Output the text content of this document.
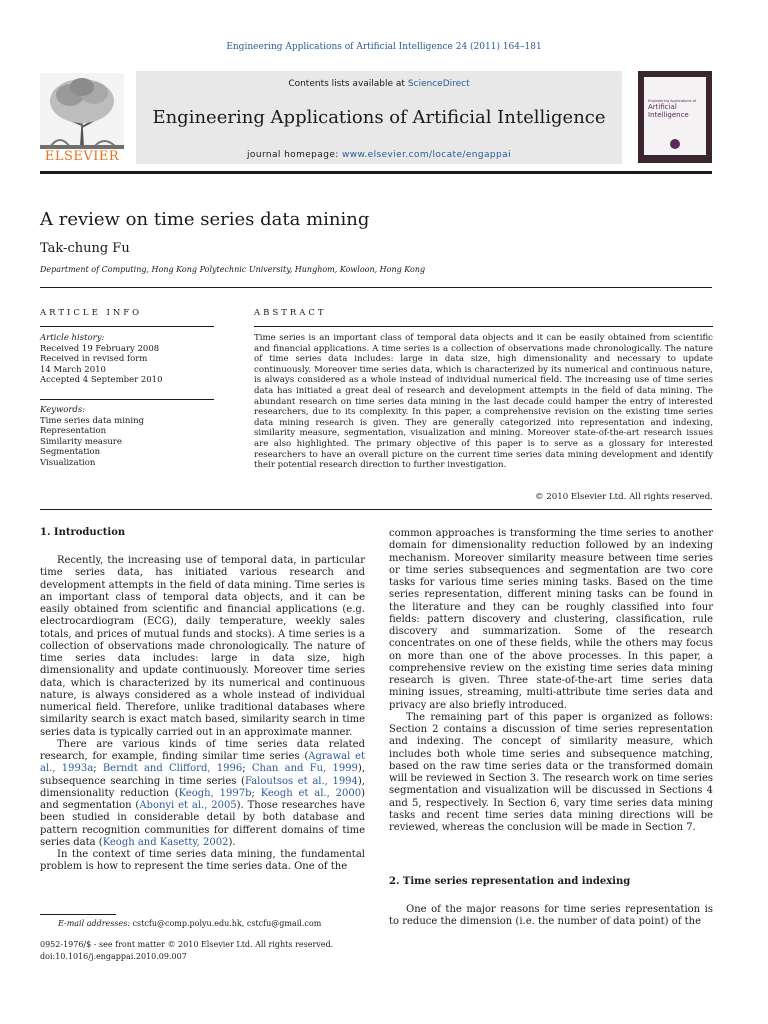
Engineering Applications of Artificial Intelligence 24 (2011) 164–181
ELSEVIER
Contents lists available at ScienceDirect
Engineering Applications of Artificial Intelligence
journal homepage: www.elsevier.com/locate/engappai
Engineering Applications of
Artificial
Intelligence
A review on time series data mining
Tak-chung Fu
Department of Computing, Hong Kong Polytechnic University, Hunghom, Kowloon, Hong Kong
ARTICLE INFO
Article history:
Received 19 February 2008
Received in revised form
14 March 2010
Accepted 4 September 2010
Keywords:
Time series data mining
Representation
Similarity measure
Segmentation
Visualization
ABSTRACT
Time series is an important class of temporal data objects and it can be easily obtained from scientific and financial applications. A time series is a collection of observations made chronologically. The nature of time series data includes: large in data size, high dimensionality and necessary to update continuously. Moreover time series data, which is characterized by its numerical and continuous nature, is always considered as a whole instead of individual numerical field. The increasing use of time series data has initiated a great deal of research and development attempts in the field of data mining. The abundant research on time series data mining in the last decade could hamper the entry of interested researchers, due to its complexity. In this paper, a comprehensive revision on the existing time series data mining research is given. They are generally categorized into representation and indexing, similarity measure, segmentation, visualization and mining. Moreover state-of-the-art research issues are also highlighted. The primary objective of this paper is to serve as a glossary for interested researchers to have an overall picture on the current time series data mining development and identify their potential research direction to further investigation.
© 2010 Elsevier Ltd. All rights reserved.
1. Introduction

Recently, the increasing use of temporal data, in particular time series data, has initiated various research and development attempts in the field of data mining. Time series is an important class of temporal data objects, and it can be easily obtained from scientific and financial applications (e.g. electrocardiogram (ECG), daily temperature, weekly sales totals, and prices of mutual funds and stocks). A time series is a collection of observations made chronologically. The nature of time series data includes: large in data size, high dimensionality and update continuously. Moreover time series data, which is characterized by its numerical and continuous nature, is always considered as a whole instead of individual numerical field. Therefore, unlike traditional databases where similarity search is exact match based, similarity search in time series data is typically carried out in an approximate manner.

There are various kinds of time series data related research, for example, finding similar time series (Agrawal et al., 1993a; Berndt and Clifford, 1996; Chan and Fu, 1999), subsequence searching in time series (Faloutsos et al., 1994), dimensionality reduction (Keogh, 1997b; Keogh et al., 2000) and segmentation (Abonyi et al., 2005). Those researches have been studied in considerable detail by both database and pattern recognition communities for different domains of time series data (Keogh and Kasetty, 2002).

In the context of time series data mining, the fundamental problem is how to represent the time series data. One of the

common approaches is transforming the time series to another domain for dimensionality reduction followed by an indexing mechanism. Moreover similarity measure between time series or time series subsequences and segmentation are two core tasks for various time series mining tasks. Based on the time series representation, different mining tasks can be found in the literature and they can be roughly classified into four fields: pattern discovery and clustering, classification, rule discovery and summarization. Some of the research concentrates on one of these fields, while the others may focus on more than one of the above processes. In this paper, a comprehensive review on the existing time series data mining research is given. Three state-of-the-art time series data mining issues, streaming, multi-attribute time series data and privacy are also briefly introduced.

The remaining part of this paper is organized as follows: Section 2 contains a discussion of time series representation and indexing. The concept of similarity measure, which includes both whole time series and subsequence matching, based on the raw time series data or the transformed domain will be reviewed in Section 3. The research work on time series segmentation and visualization will be discussed in Sections 4 and 5, respectively. In Section 6, vary time series data mining tasks and recent time series data mining directions will be reviewed, whereas the conclusion will be made in Section 7.

2. Time series representation and indexing

One of the major reasons for time series representation is to reduce the dimension (i.e. the number of data point) of the

E-mail addresses: cstcfu@comp.polyu.edu.hk, cstcfu@gmail.com
0952-1976/$ - see front matter © 2010 Elsevier Ltd. All rights reserved.
doi:10.1016/j.engappai.2010.09.007
